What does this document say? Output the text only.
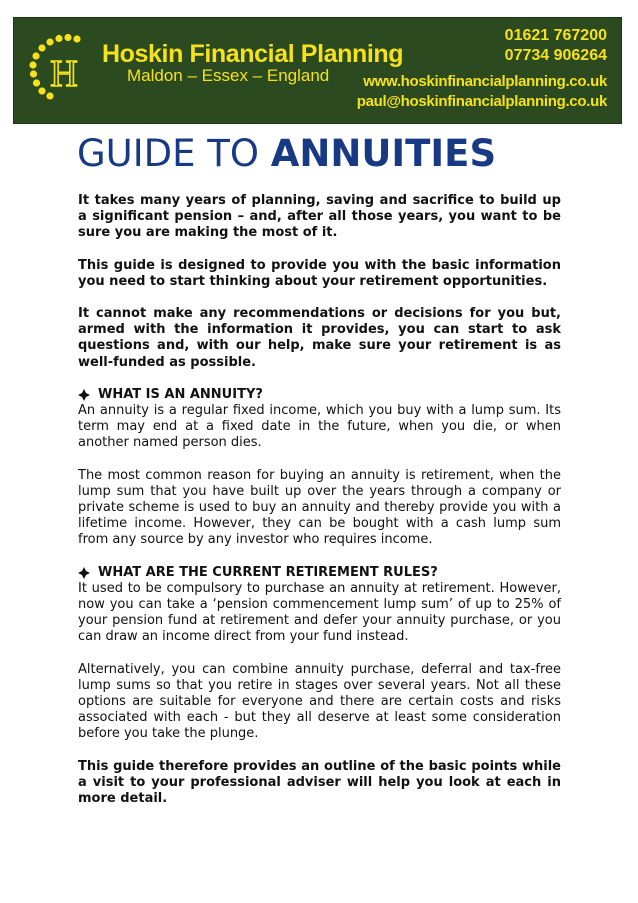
H Hoskin Financial Planning
Maldon – Essex – England
01621 767200
07734 906264
www.hoskinfinancialplanning.co.uk
paul@hoskinfinancialplanning.co.uk
GUIDE TO ANNUITIES

It takes many years of planning, saving and sacrifice to build up a significant pension – and, after all those years, you want to be sure you are making the most of it.

This guide is designed to provide you with the basic information you need to start thinking about your retirement opportunities.

It cannot make any recommendations or decisions for you but, armed with the information it provides, you can start to ask questions and, with our help, make sure your retirement is as well-funded as possible.

WHAT IS AN ANNUITY?

An annuity is a regular fixed income, which you buy with a lump sum. Its term may end at a fixed date in the future, when you die, or when another named person dies.

The most common reason for buying an annuity is retirement, when the lump sum that you have built up over the years through a company or private scheme is used to buy an annuity and thereby provide you with a lifetime income. However, they can be bought with a cash lump sum from any source by any investor who requires income.

WHAT ARE THE CURRENT RETIREMENT RULES?

It used to be compulsory to purchase an annuity at retirement. However, now you can take a ‘pension commencement lump sum’ of up to 25% of your pension fund at retirement and defer your annuity purchase, or you can draw an income direct from your fund instead.

Alternatively, you can combine annuity purchase, deferral and tax-free lump sums so that you retire in stages over several years. Not all these options are suitable for everyone and there are certain costs and risks associated with each - but they all deserve at least some consideration before you take the plunge.

This guide therefore provides an outline of the basic points while a visit to your professional adviser will help you look at each in more detail.
